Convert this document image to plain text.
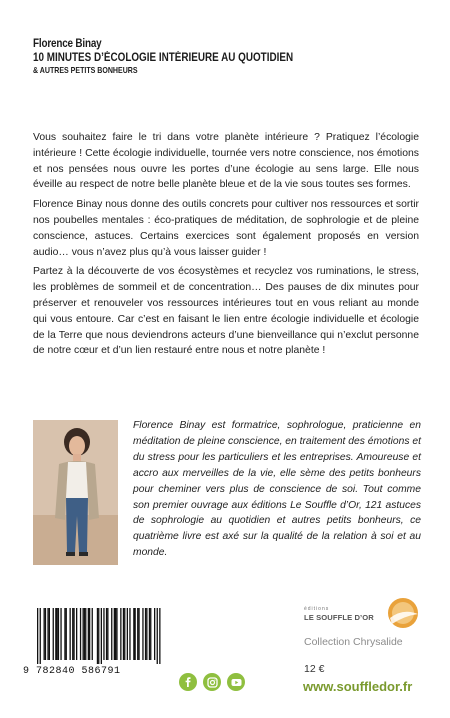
Florence Binay
10 MINUTES D’ÉCOLOGIE INTÉRIEURE AU QUOTIDIEN
& AUTRES PETITS BONHEURS

Vous souhaitez faire le tri dans votre planète intérieure ? Pratiquez l’écologie intérieure ! Cette écologie individuelle, tournée vers notre conscience, nos émotions et nos pensées nous ouvre les portes d’une écologie au sens large. Elle nous éveille au respect de notre belle planète bleue et de la vie sous toutes ses formes.

Florence Binay nous donne des outils concrets pour cultiver nos ressources et sortir nos poubelles mentales : éco-pratiques de méditation, de sophrologie et de pleine conscience, astuces. Certains exercices sont également proposés en version audio… vous n’avez plus qu’à vous laisser guider !

Partez à la découverte de vos écosystèmes et recyclez vos ruminations, le stress, les problèmes de sommeil et de concentration… Des pauses de dix minutes pour préserver et renouveler vos ressources intérieures tout en vous reliant au monde qui vous entoure. Car c’est en faisant le lien entre écologie individuelle et écologie de la Terre que nous deviendrons acteurs d’une bienveillance qui n’exclut personne de notre cœur et d’un lien restauré entre nous et notre planète !

Florence Binay est formatrice, sophrologue, praticienne en méditation de pleine conscience, en traitement des émotions et du stress pour les particuliers et les entreprises. Amoureuse et accro aux merveilles de la vie, elle sème des petits bonheurs pour cheminer vers plus de conscience de soi. Tout comme son premier ouvrage aux éditions Le Souffle d’Or, 121 astuces de sophrologie au quotidien et autres petits bonheurs, ce quatrième livre est axé sur la qualité de la relation à soi et au monde.
9 782840 586791
éditions
LE SOUFFLE D’OR
Collection Chrysalide
12 €
www.souffledor.fr
